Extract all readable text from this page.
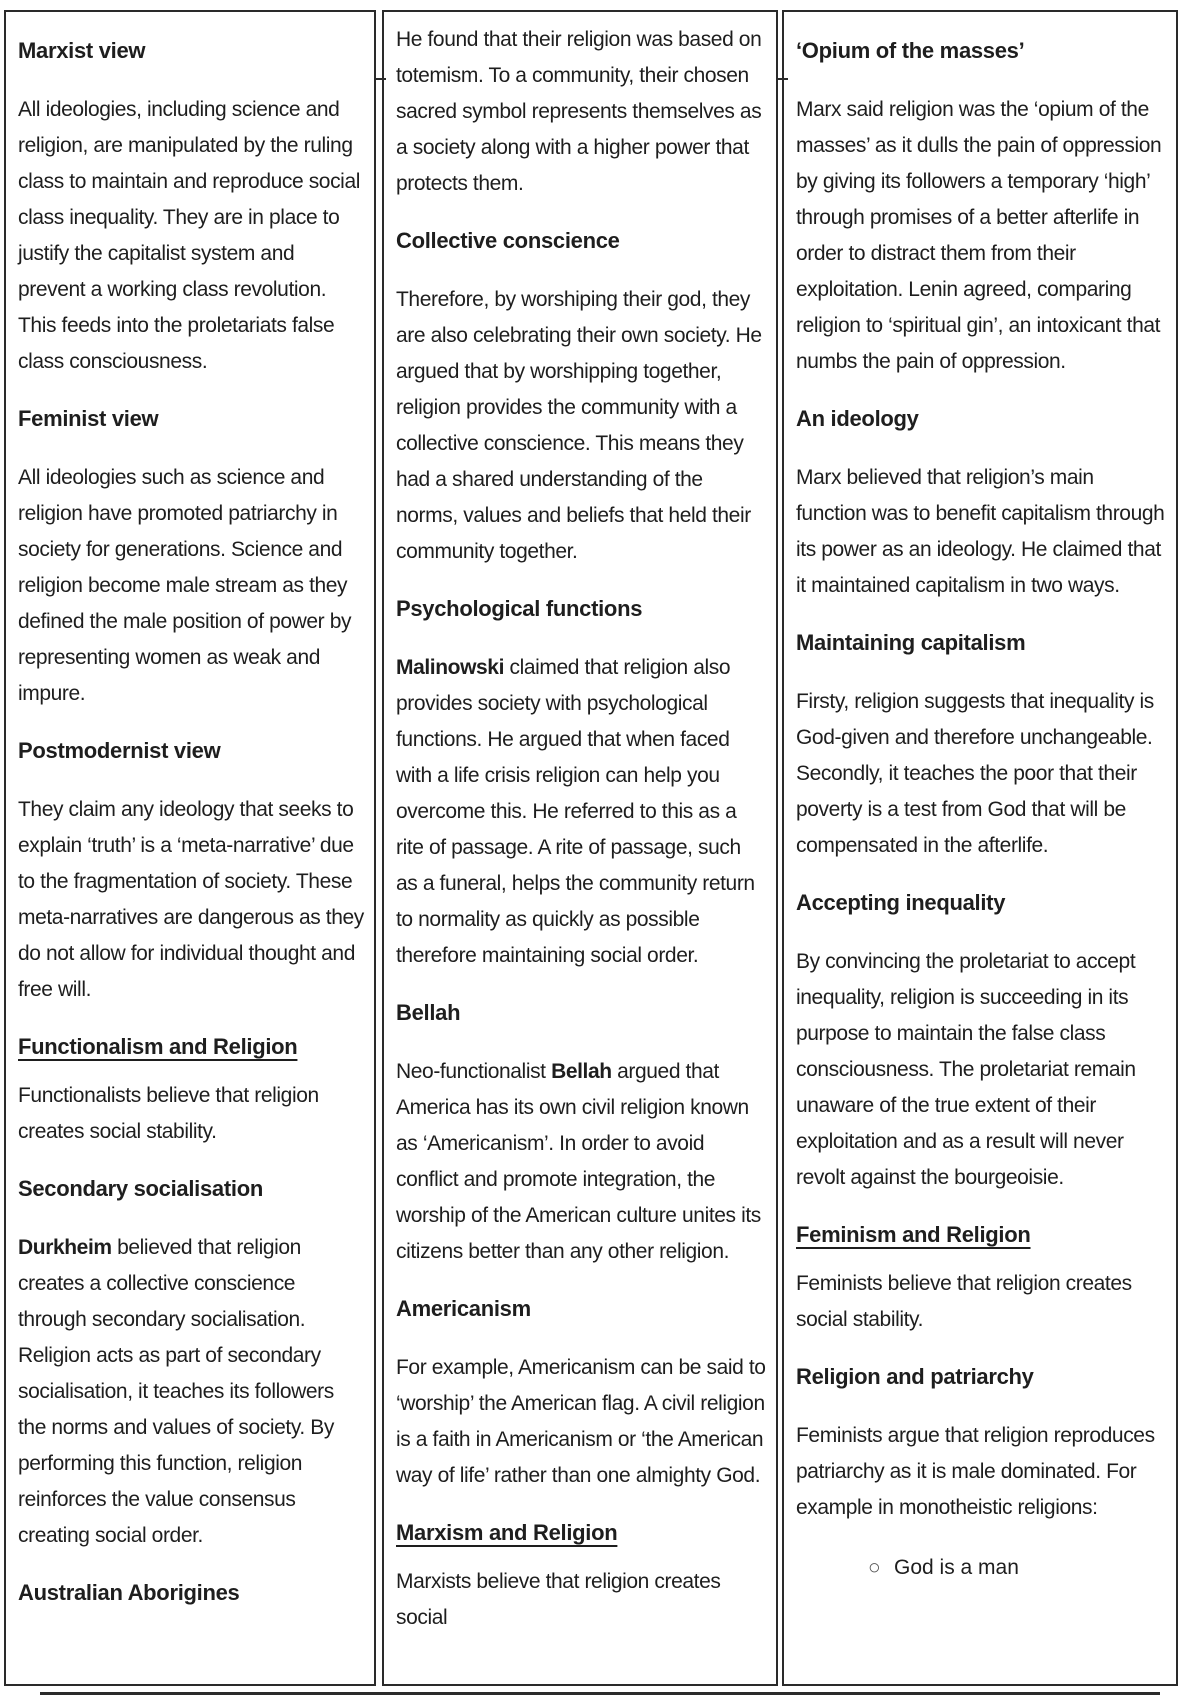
Marxist view
All ideologies, including science and religion, are manipulated by the ruling class to maintain and reproduce social class inequality. They are in place to justify the capitalist system and prevent a working class revolution. This feeds into the proletariats false class consciousness.
Feminist view
All ideologies such as science and religion have promoted patriarchy in society for generations. Science and religion become male stream as they defined the male position of power by representing women as weak and impure.
Postmodernist view
They claim any ideology that seeks to explain ‘truth’ is a ‘meta-narrative’ due to the fragmentation of society. These meta-narratives are dangerous as they do not allow for individual thought and free will.
Functionalism and Religion
Functionalists believe that religion creates social stability.
Secondary socialisation
Durkheim believed that religion creates a collective conscience through secondary socialisation. Religion acts as part of secondary socialisation, it teaches its followers the norms and values of society. By performing this function, religion reinforces the value consensus creating social order.
Australian Aborigines
He found that their religion was based on totemism. To a community, their chosen sacred symbol represents themselves as a society along with a higher power that protects them.
Collective conscience
Therefore, by worshiping their god, they are also celebrating their own society. He argued that by worshipping together, religion provides the community with a collective conscience. This means they had a shared understanding of the norms, values and beliefs that held their community together.
Psychological functions
Malinowski claimed that religion also provides society with psychological functions. He argued that when faced with a life crisis religion can help you overcome this. He referred to this as a rite of passage. A rite of passage, such as a funeral, helps the community return to normality as quickly as possible therefore maintaining social order.
Bellah
Neo-functionalist Bellah argued that America has its own civil religion known as ‘Americanism’. In order to avoid conflict and promote integration, the worship of the American culture unites its citizens better than any other religion.
Americanism
For example, Americanism can be said to ‘worship’ the American flag. A civil religion is a faith in Americanism or ‘the American way of life’ rather than one almighty God.
Marxism and Religion
Marxists believe that religion creates social
‘Opium of the masses’
Marx said religion was the ‘opium of the masses’ as it dulls the pain of oppression by giving its followers a temporary ‘high’ through promises of a better afterlife in order to distract them from their exploitation. Lenin agreed, comparing religion to ‘spiritual gin’, an intoxicant that numbs the pain of oppression.
An ideology
Marx believed that religion’s main function was to benefit capitalism through its power as an ideology. He claimed that it maintained capitalism in two ways.
Maintaining capitalism
Firsty, religion suggests that inequality is God-given and therefore unchangeable. Secondly, it teaches the poor that their poverty is a test from God that will be compensated in the afterlife.
Accepting inequality
By convincing the proletariat to accept inequality, religion is succeeding in its purpose to maintain the false class consciousness. The proletariat remain unaware of the true extent of their exploitation and as a result will never revolt against the bourgeoisie.
Feminism and Religion
Feminists believe that religion creates social stability.
Religion and patriarchy
Feminists argue that religion reproduces patriarchy as it is male dominated. For example in monotheistic religions:
○ God is a man
